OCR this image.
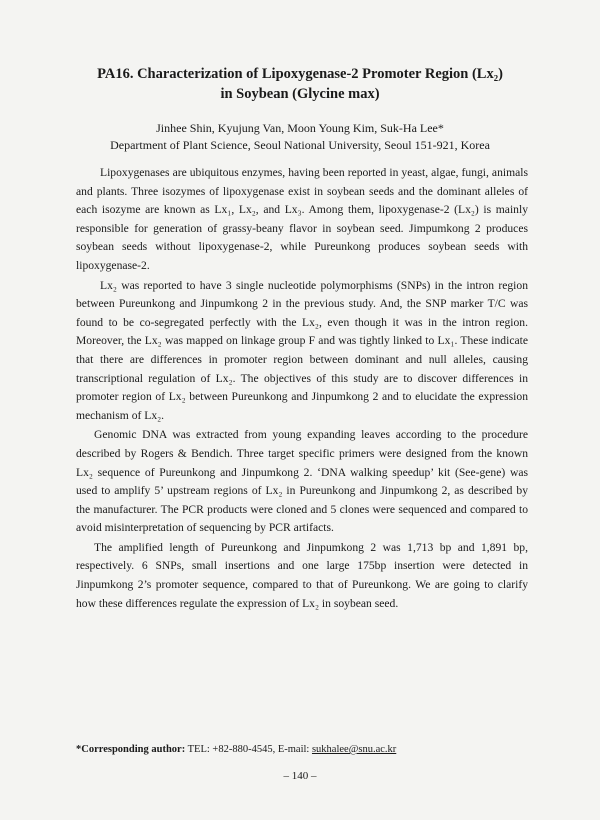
PA16. Characterization of Lipoxygenase-2 Promoter Region (Lx₂)
in Soybean (Glycine max)
Jinhee Shin, Kyujung Van, Moon Young Kim, Suk-Ha Lee*
Department of Plant Science, Seoul National University, Seoul 151-921, Korea

Lipoxygenases are ubiquitous enzymes, having been reported in yeast, algae, fungi, animals and plants. Three isozymes of lipoxygenase exist in soybean seeds and the dominant alleles of each isozyme are known as Lx₁, Lx₂, and Lx₃. Among them, lipoxygenase-2 (Lx₂) is mainly responsible for generation of grassy-beany flavor in soybean seed. Jimpumkong 2 produces soybean seeds without lipoxygenase-2, while Pureunkong produces soybean seeds with lipoxygenase-2.

Lx₂ was reported to have 3 single nucleotide polymorphisms (SNPs) in the intron region between Pureunkong and Jinpumkong 2 in the previous study. And, the SNP marker T/C was found to be co-segregated perfectly with the Lx₂, even though it was in the intron region. Moreover, the Lx₂ was mapped on linkage group F and was tightly linked to Lx₁. These indicate that there are differences in promoter region between dominant and null alleles, causing transcriptional regulation of Lx₂. The objectives of this study are to discover differences in promoter region of Lx₂ between Pureunkong and Jinpumkong 2 and to elucidate the expression mechanism of Lx₂.

Genomic DNA was extracted from young expanding leaves according to the procedure described by Rogers & Bendich. Three target specific primers were designed from the known Lx₂ sequence of Pureunkong and Jinpumkong 2. ‘DNA walking speedup’ kit (See-gene) was used to amplify 5’ upstream regions of Lx₂ in Pureunkong and Jinpumkong 2, as described by the manufacturer. The PCR products were cloned and 5 clones were sequenced and compared to avoid misinterpretation of sequencing by PCR artifacts.

The amplified length of Pureunkong and Jinpumkong 2 was 1,713 bp and 1,891 bp, respectively. 6 SNPs, small insertions and one large 175bp insertion were detected in Jinpumkong 2’s promoter sequence, compared to that of Pureunkong. We are going to clarify how these differences regulate the expression of Lx₂ in soybean seed.

*Corresponding author: TEL: +82-880-4545, E-mail: sukhalee@snu.ac.kr
– 140 –
